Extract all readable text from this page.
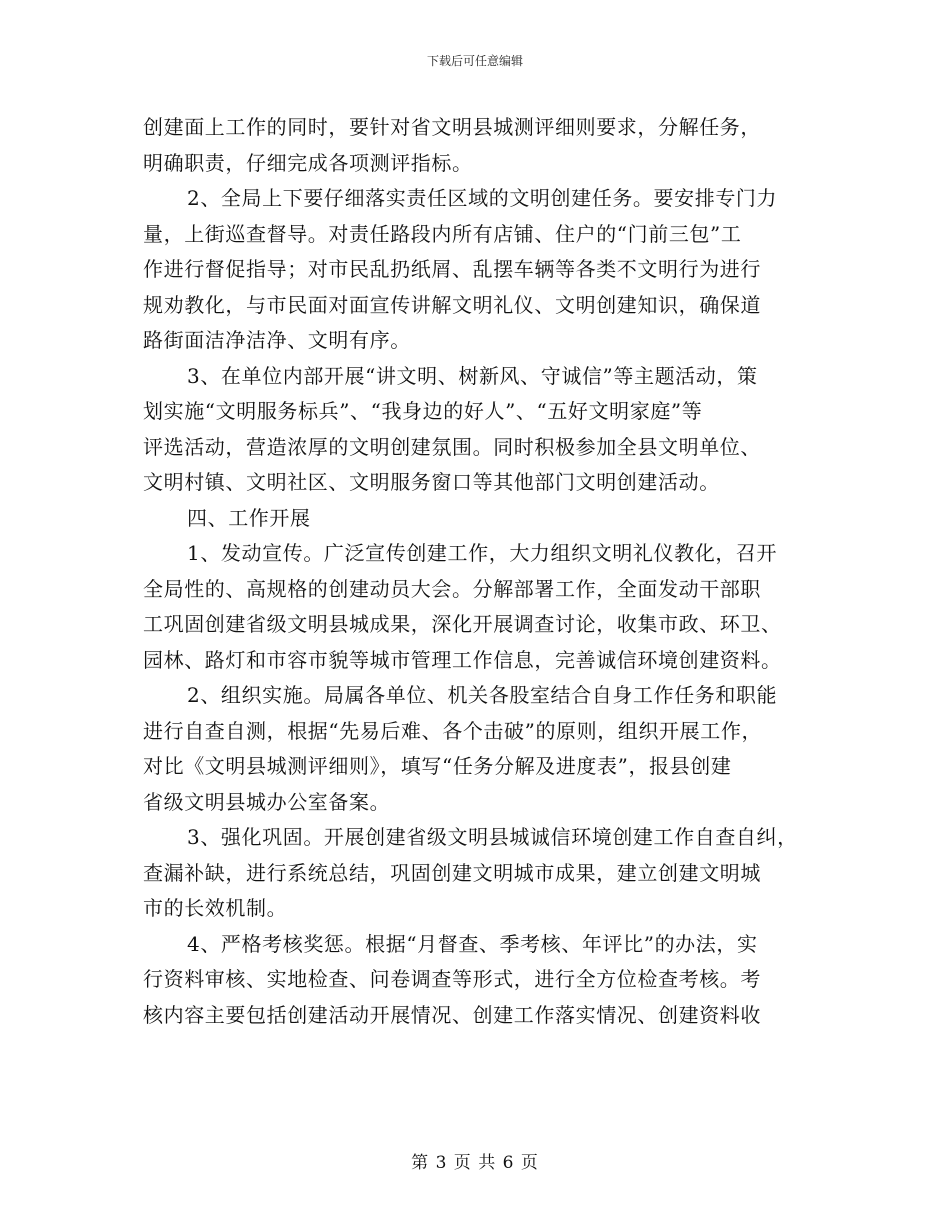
下载后可任意编辑
创建面上工作的同时，要针对省文明县城测评细则要求，分解任务，
明确职责，仔细完成各项测评指标。
2、全局上下要仔细落实责任区域的文明创建任务。要安排专门力
量，上街巡查督导。对责任路段内所有店铺、住户的“门前三包”工
作进行督促指导；对市民乱扔纸屑、乱摆车辆等各类不文明行为进行
规劝教化，与市民面对面宣传讲解文明礼仪、文明创建知识，确保道
路街面洁净洁净、文明有序。
3、在单位内部开展“讲文明、树新风、守诚信”等主题活动，策
划实施“文明服务标兵”、“我身边的好人”、“五好文明家庭”等
评选活动，营造浓厚的文明创建氛围。同时积极参加全县文明单位、
文明村镇、文明社区、文明服务窗口等其他部门文明创建活动。
四、工作开展
1、发动宣传。广泛宣传创建工作，大力组织文明礼仪教化，召开
全局性的、高规格的创建动员大会。分解部署工作，全面发动干部职
工巩固创建省级文明县城成果，深化开展调查讨论，收集市政、环卫、
园林、路灯和市容市貌等城市管理工作信息，完善诚信环境创建资料。
2、组织实施。局属各单位、机关各股室结合自身工作任务和职能
进行自查自测，根据“先易后难、各个击破”的原则，组织开展工作，
对比《文明县城测评细则》，填写“任务分解及进度表”，报县创建
省级文明县城办公室备案。
3、强化巩固。开展创建省级文明县城诚信环境创建工作自查自纠，
查漏补缺，进行系统总结，巩固创建文明城市成果，建立创建文明城
市的长效机制。
4、严格考核奖惩。根据“月督查、季考核、年评比”的办法，实
行资料审核、实地检查、问卷调查等形式，进行全方位检查考核。考
核内容主要包括创建活动开展情况、创建工作落实情况、创建资料收
第 3 页 共 6 页
